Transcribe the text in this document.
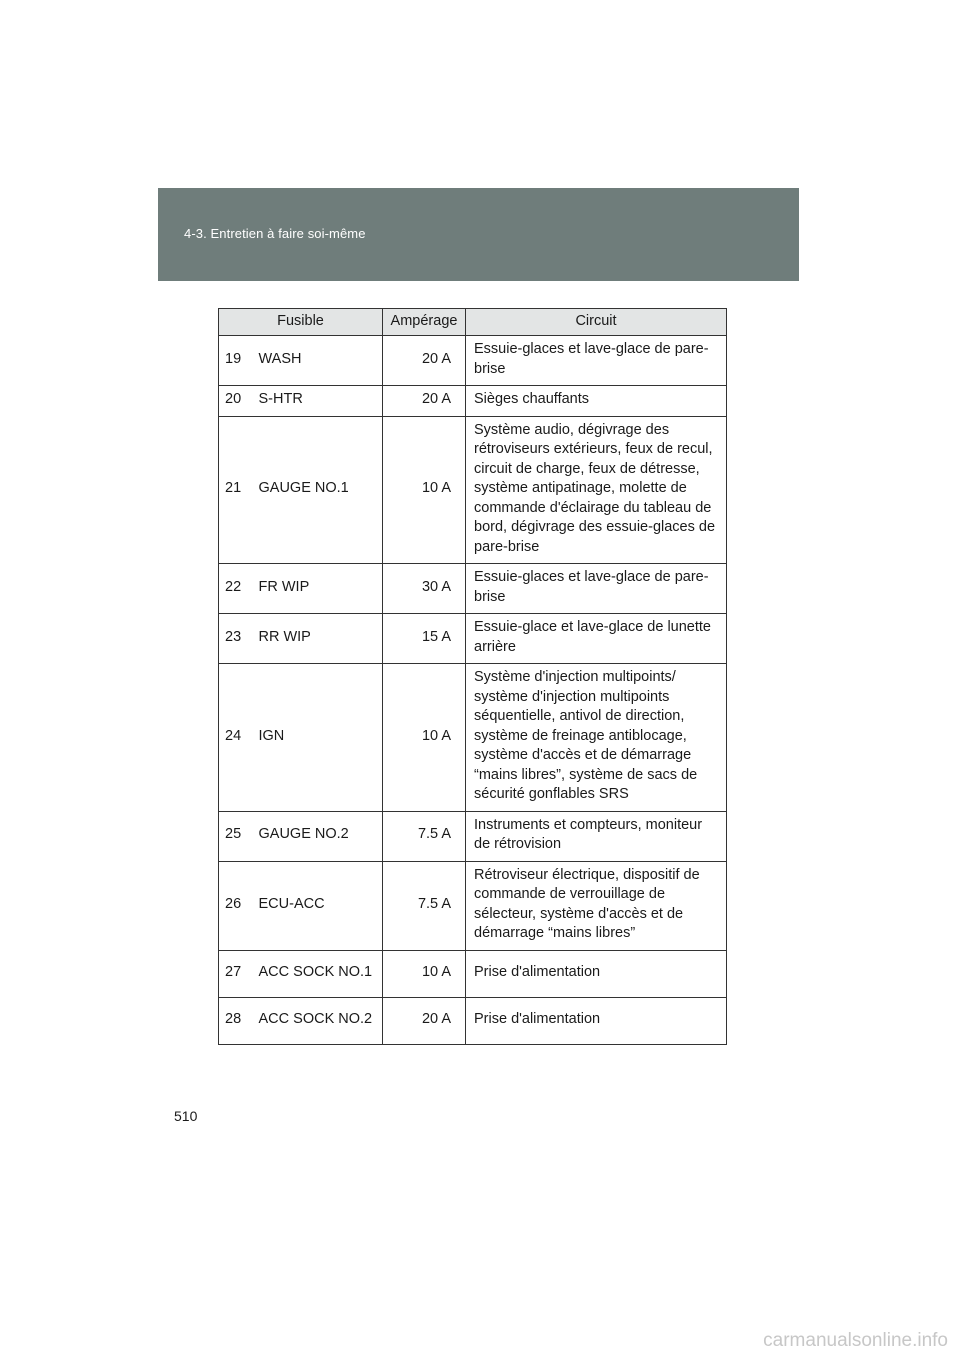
4-3. Entretien à faire soi-même
Fusible		Ampérage	Circuit
19	WASH	20 A	Essuie-glaces et lave-glace de pare-brise
20	S-HTR	20 A	Sièges chauffants
21	GAUGE NO.1	10 A	Système audio, dégivrage des rétroviseurs extérieurs, feux de recul, circuit de charge, feux de détresse, système antipatinage, molette de commande d'éclairage du tableau de bord, dégivrage des essuie-glaces de pare-brise
22	FR WIP	30 A	Essuie-glaces et lave-glace de pare-brise
23	RR WIP	15 A	Essuie-glace et lave-glace de lunette arrière
24	IGN	10 A	Système d'injection multipoints/ système d'injection multipoints séquentielle, antivol de direction, système de freinage antiblocage, système d'accès et de démarrage “mains libres”, système de sacs de sécurité gonflables SRS
25	GAUGE NO.2	7.5 A	Instruments et compteurs, moniteur de rétrovision
26	ECU-ACC	7.5 A	Rétroviseur électrique, dispositif de commande de verrouillage de sélecteur, système d'accès et de démarrage “mains libres”
27	ACC SOCK NO.1	10 A	Prise d'alimentation
28	ACC SOCK NO.2	20 A	Prise d'alimentation
510
carmanualsonline.info
